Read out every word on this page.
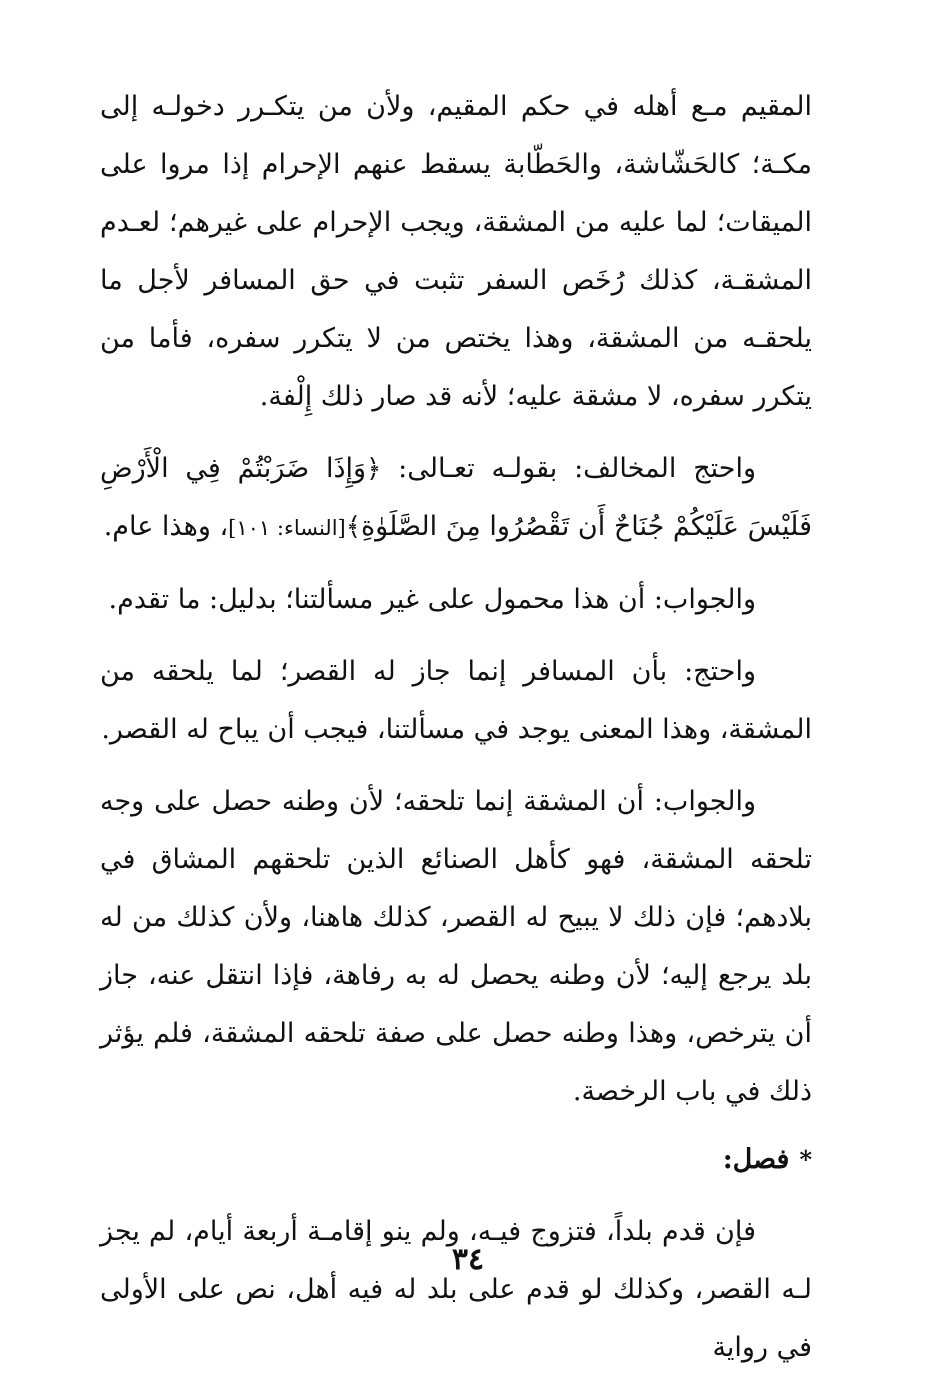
المقيم مـع أهله في حكم المقيم، ولأن من يتكـرر دخولـه إلى مكـة؛ كالحَشّاشة، والحَطّابة يسقط عنهم الإحرام إذا مروا على الميقات؛ لما عليه من المشقة، ويجب الإحرام على غيرهم؛ لعـدم المشقـة، كذلك رُخَص السفر تثبت في حق المسافر لأجل ما يلحقـه من المشقة، وهذا يختص من لا يتكرر سفره، فأما من يتكرر سفره، لا مشقة عليه؛ لأنه قد صار ذلك إِلْفة.

واحتج المخالف: بقولـه تعـالى: ﴿وَإِذَا ضَرَبْتُمْ فِي الْأَرْضِ فَلَيْسَ عَلَيْكُمْ جُنَاحٌ أَن تَقْصُرُوا مِنَ الصَّلَوٰةِ﴾[النساء: ١٠١]، وهذا عام.

والجواب: أن هذا محمول على غير مسألتنا؛ بدليل: ما تقدم.

واحتج: بأن المسافر إنما جاز له القصر؛ لما يلحقه من المشقة، وهذا المعنى يوجد في مسألتنا، فيجب أن يباح له القصر.

والجواب: أن المشقة إنما تلحقه؛ لأن وطنه حصل على وجه تلحقه المشقة، فهو كأهل الصنائع الذين تلحقهم المشاق في بلادهم؛ فإن ذلك لا يبيح له القصر، كذلك هاهنا، ولأن كذلك من له بلد يرجع إليه؛ لأن وطنه يحصل له به رفاهة، فإذا انتقل عنه، جاز أن يترخص، وهذا وطنه حصل على صفة تلحقه المشقة، فلم يؤثر ذلك في باب الرخصة.

*
فصل:

فإن قدم بلداً، فتزوج فيـه، ولم ينو إقامـة أربعة أيام، لم يجز لـه القصر، وكذلك لو قدم على بلد له فيه أهل، نص على الأولى في رواية

٣٤
